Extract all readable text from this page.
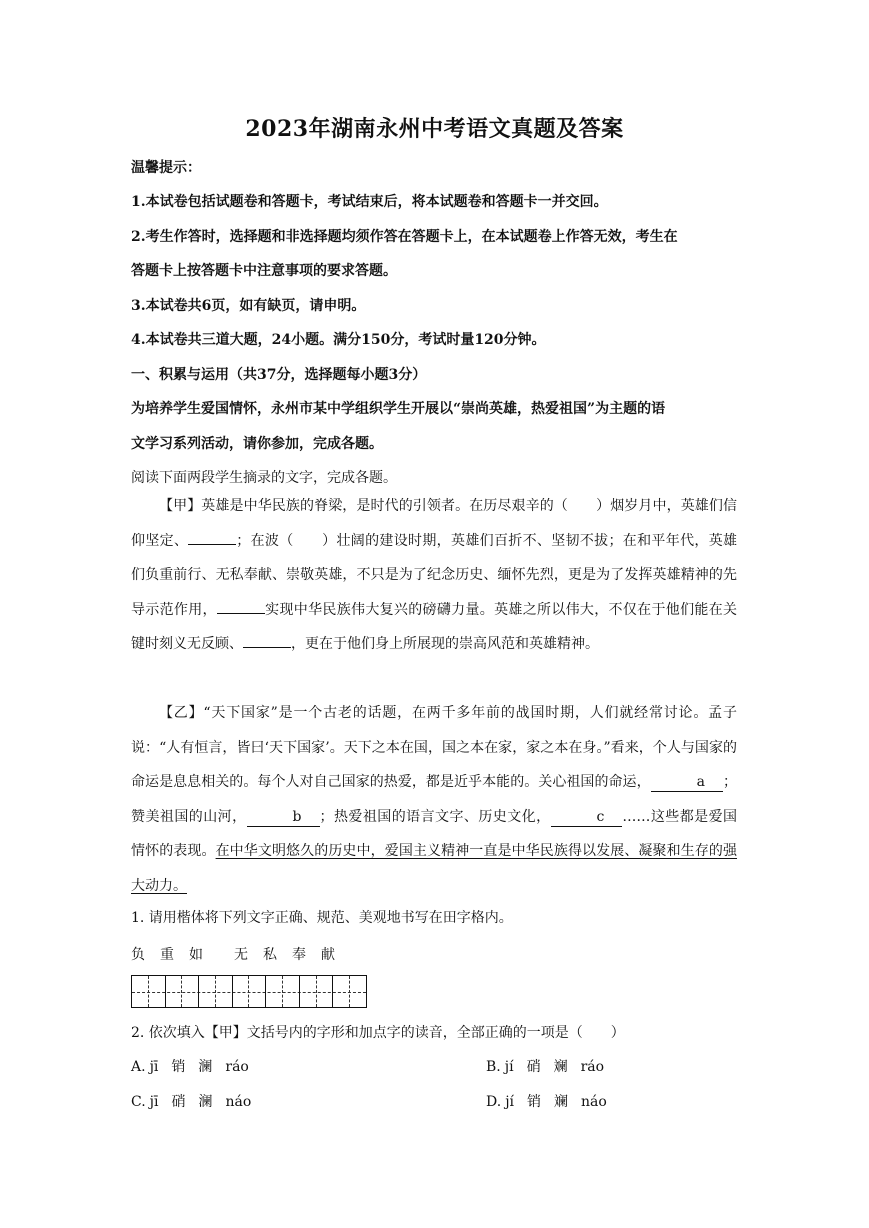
2023年湖南永州中考语文真题及答案
温馨提示：
1.本试卷包括试题卷和答题卡，考试结束后，将本试题卷和答题卡一并交回。
2.考生作答时，选择题和非选择题均须作答在答题卡上，在本试题卷上作答无效，考生在
答题卡上按答题卡中注意事项的要求答题。
3.本试卷共6页，如有缺页，请申明。
4.本试卷共三道大题，24小题。满分150分，考试时量120分钟。
一、积累与运用（共37分，选择题每小题3分）
为培养学生爱国情怀，永州市某中学组织学生开展以“崇尚英雄，热爱祖国”为主题的语
文学习系列活动，请你参加，完成各题。
阅读下面两段学生摘录的文字，完成各题。
【甲】英雄是中华民族的脊梁，是时代的引领者。在历尽艰辛的（　　）烟岁月中，英雄们信仰坚定、	；在波（　　）壮阔的建设时期，英雄们百折不、坚韧不拔；在和平年代，英雄们负重前行、无私奉献、崇敬英雄，不只是为了纪念历史、缅怀先烈，更是为了发挥英雄精神的先导示范作用，	实现中华民族伟大复兴的磅礴力量。英雄之所以伟大，不仅在于他们能在关键时刻义无反顾、	，更在于他们身上所展现的崇高风范和英雄精神。
【乙】“天下国家”是一个古老的话题，在两千多年前的战国时期，人们就经常讨论。孟子说：“人有恒言，皆曰‘天下国家’。天下之本在国，国之本在家，家之本在身。”看来，个人与国家的命运是息息相关的。每个人对自己国家的热爱，都是近乎本能的。关心祖国的命运，	a ；赞美祖国的山河，	b ；热爱祖国的语言文字、历史文化，	c ……这些都是爱国情怀的表现。在中华文明悠久的历史中，爱国主义精神一直是中华民族得以发展、凝聚和生存的强大动力。
1. 请用楷体将下列文字正确、规范、美观地书写在田字格内。
负 重 如 无 私 奉 献
2. 依次填入【甲】文括号内的字形和加点字的读音，全部正确的一项是（　　）
A. jī 销 澜 ráo	B. jí 硝 斓 ráo
C. jī 硝 澜 náo	D. jí 销 斓 náo
